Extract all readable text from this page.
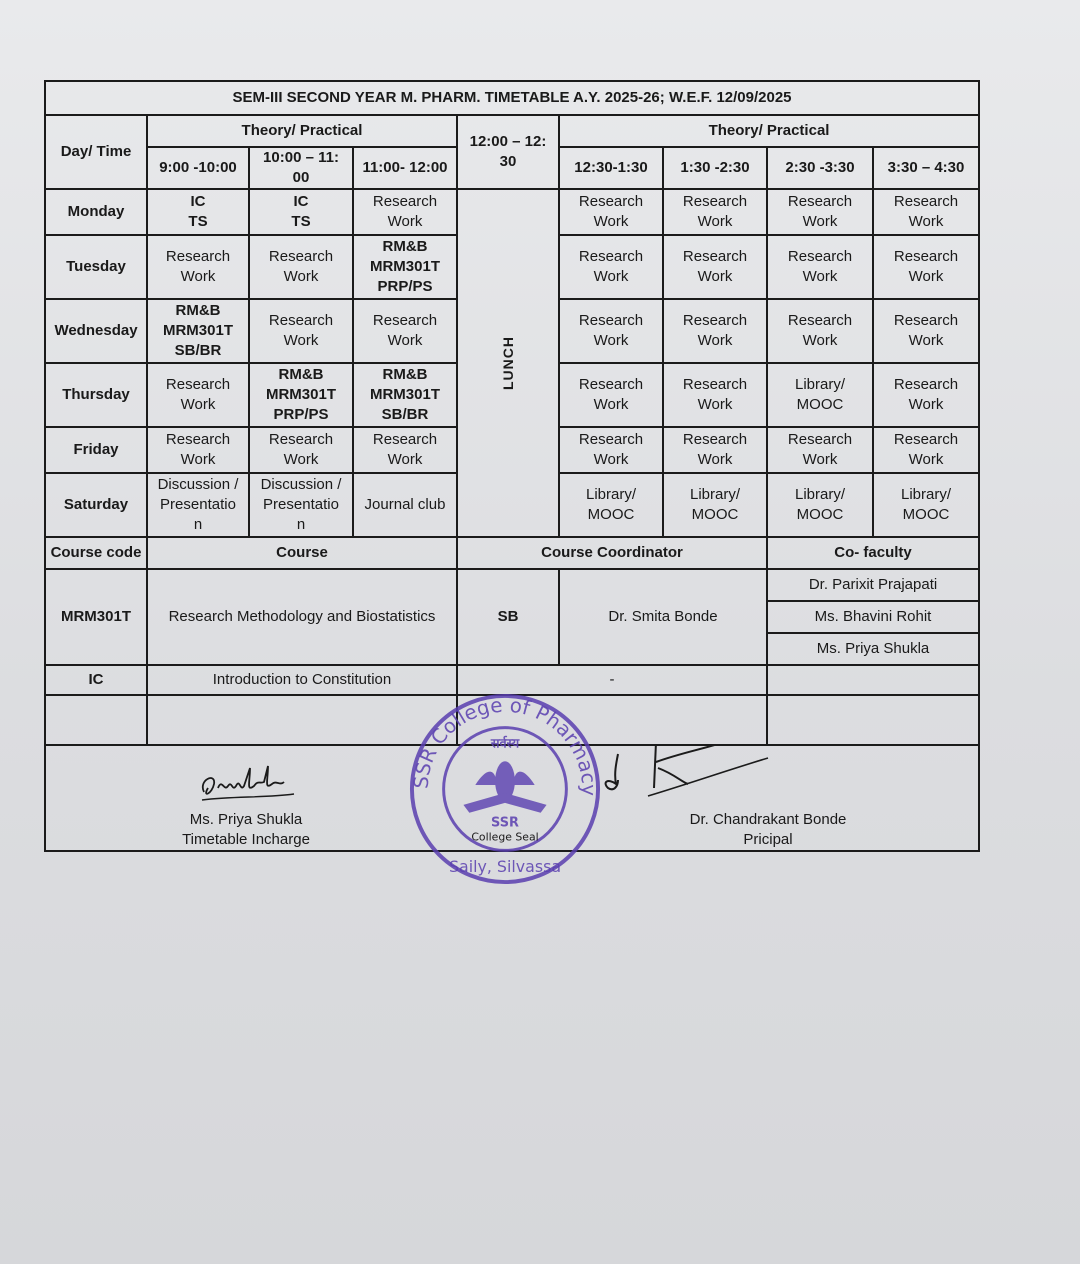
SEM-III SECOND YEAR M. PHARM. TIMETABLE A.Y. 2025-26; W.E.F. 12/09/2025								
Day/ Time	Theory/ Practical			12:00 – 12:
30	Theory/ Practical			
	9:00 -10:00	10:00 – 11:
00	11:00- 12:00		12:30-1:30	1:30 -2:30	2:30 -3:30	3:30 – 4:30
Monday	IC
TS	IC
TS	Research
Work	LUNCH	Research
Work	Research
Work	Research
Work	Research
Work
Tuesday	Research
Work	Research
Work	RM&B
MRM301T
PRP/PS		Research
Work	Research
Work	Research
Work	Research
Work
Wednesday	RM&B
MRM301T
SB/BR	Research
Work	Research
Work		Research
Work	Research
Work	Research
Work	Research
Work
Thursday	Research
Work	RM&B
MRM301T
PRP/PS	RM&B
MRM301T
SB/BR		Research
Work	Research
Work	Library/
MOOC	Research
Work
Friday	Research
Work	Research
Work	Research
Work		Research
Work	Research
Work	Research
Work	Research
Work
Saturday	Discussion /
Presentatio
n	Discussion /
Presentatio
n	Journal club		Library/
MOOC	Library/
MOOC	Library/
MOOC	Library/
MOOC
Course code	Course			Course Coordinator			Co- faculty	
MRM301T	Research Methodology and Biostatistics			SB	Dr. Smita Bonde		Dr. Parixit Prajapati	
							Ms. Bhavini Rohit	
							Ms. Priya Shukla	
IC	Introduction to Constitution			-				

Ms. Priya Shukla
Timetable Incharge
Dr. Chandrakant Bonde
Pricipal								
SSR College of Pharmacy
सर्वस्य
SSR
College Seal
Saily, Silvassa
